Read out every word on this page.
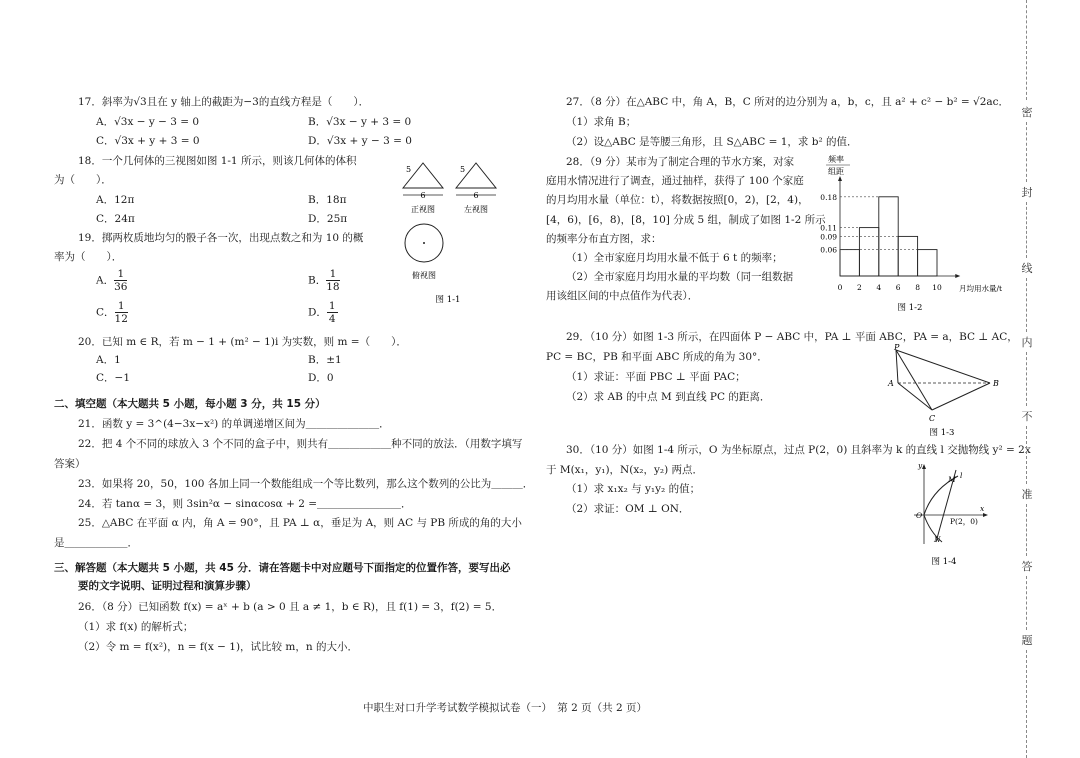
17．斜率为√3且在 y 轴上的截距为−3的直线方程是（　　）．
A．√3x − y − 3 = 0	B．√3x − y + 3 = 0
C．√3x + y + 3 = 0	D．√3x + y − 3 = 0
18．一个几何体的三视图如图 1-1 所示，则该几何体的体积
为（　　）．
A．12π	B．18π
C．24π	D．25π
19．掷两枚质地均匀的骰子各一次，出现点数之和为 10 的概
率为（　　）．
A． $\frac{1}{36}$	B． $\frac{1}{18}$
C． $\frac{1}{12}$	D． $\frac{1}{4}$
20．已知 m ∈ R，若 m − 1 + (m² − 1)i 为实数，则 m =（　　）．
A．1	B．±1
C．−1	D．0
二、填空题（本大题共 5 小题，每小题 3 分，共 15 分）
21．函数 y = 3^(4−3x−x²) 的单调递增区间为＿＿＿＿＿＿＿．
22．把 4 个不同的球放入 3 个不同的盒子中，则共有＿＿＿＿＿＿种不同的放法．（用数字填写
答案）
23．如果将 20，50，100 各加上同一个数能组成一个等比数列，那么这个数列的公比为＿＿＿．
24．若 tanα = 3，则 3sin²α − sinαcosα + 2 =＿＿＿＿＿＿＿＿．
25．△ABC 在平面 α 内，角 A = 90°，且 PA ⊥ α，垂足为 A，则 AC 与 PB 所成的角的大小
是＿＿＿＿＿＿．
三、解答题（本大题共 5 小题，共 45 分．请在答题卡中对应题号下面指定的位置作答，要写出必
要的文字说明、证明过程和演算步骤）
26．（8 分）已知函数 f(x) = aˣ + b (a > 0 且 a ≠ 1，b ∈ R)，且 f(1) = 3，f(2) = 5．
（1）求 f(x) 的解析式；
（2）令 m = f(x²)，n = f(x − 1)，试比较 m，n 的大小．
6
5
正视图
6
5
左视图
俯视图
图 1-1
27．（8 分）在△ABC 中，角 A，B，C 所对的边分别为 a，b，c，且 a² + c² − b² = √2ac．
（1）求角 B；
（2）设△ABC 是等腰三角形，且 S△ABC = 1，求 b² 的值．
28．（9 分）某市为了制定合理的节水方案，对家
庭用水情况进行了调查，通过抽样，获得了 100 个家庭
的月均用水量（单位：t），将数据按照[0，2)，[2，4)，
[4，6)，[6，8)，[8，10] 分成 5 组，制成了如图 1-2 所示
的频率分布直方图，求：
（1）全市家庭月均用水量不低于 6 t 的频率；
（2）全市家庭月均用水量的平均数（同一组数据
用该组区间的中点值作为代表）．
频率
组距
0.06
0.09
0.11
0.18
0 2 4 6 8 10 月均用水量/t
图 1-2
29．（10 分）如图 1-3 所示，在四面体 P − ABC 中，PA ⊥ 平面 ABC，PA = a，BC ⊥ AC，
PC = BC，PB 和平面 ABC 所成的角为 30°．
（1）求证：平面 PBC ⊥ 平面 PAC；
（2）求 AB 的中点 M 到直线 PC 的距离．
P
A	B
C
图 1-3
30．（10 分）如图 1-4 所示，O 为坐标原点，过点 P(2，0) 且斜率为 k 的直线 l 交抛物线 y² = 2x
于 M(x₁，y₁)，N(x₂，y₂) 两点．
（1）求 x₁x₂ 与 y₁y₂ 的值；
（2）求证：OM ⊥ ON．
y
x
O
M l
N
P(2，0)
图 1-4
中职生对口升学考试数学模拟试卷（一）　第 2 页（共 2 页）
密
封
线
内
不
准
答
题
